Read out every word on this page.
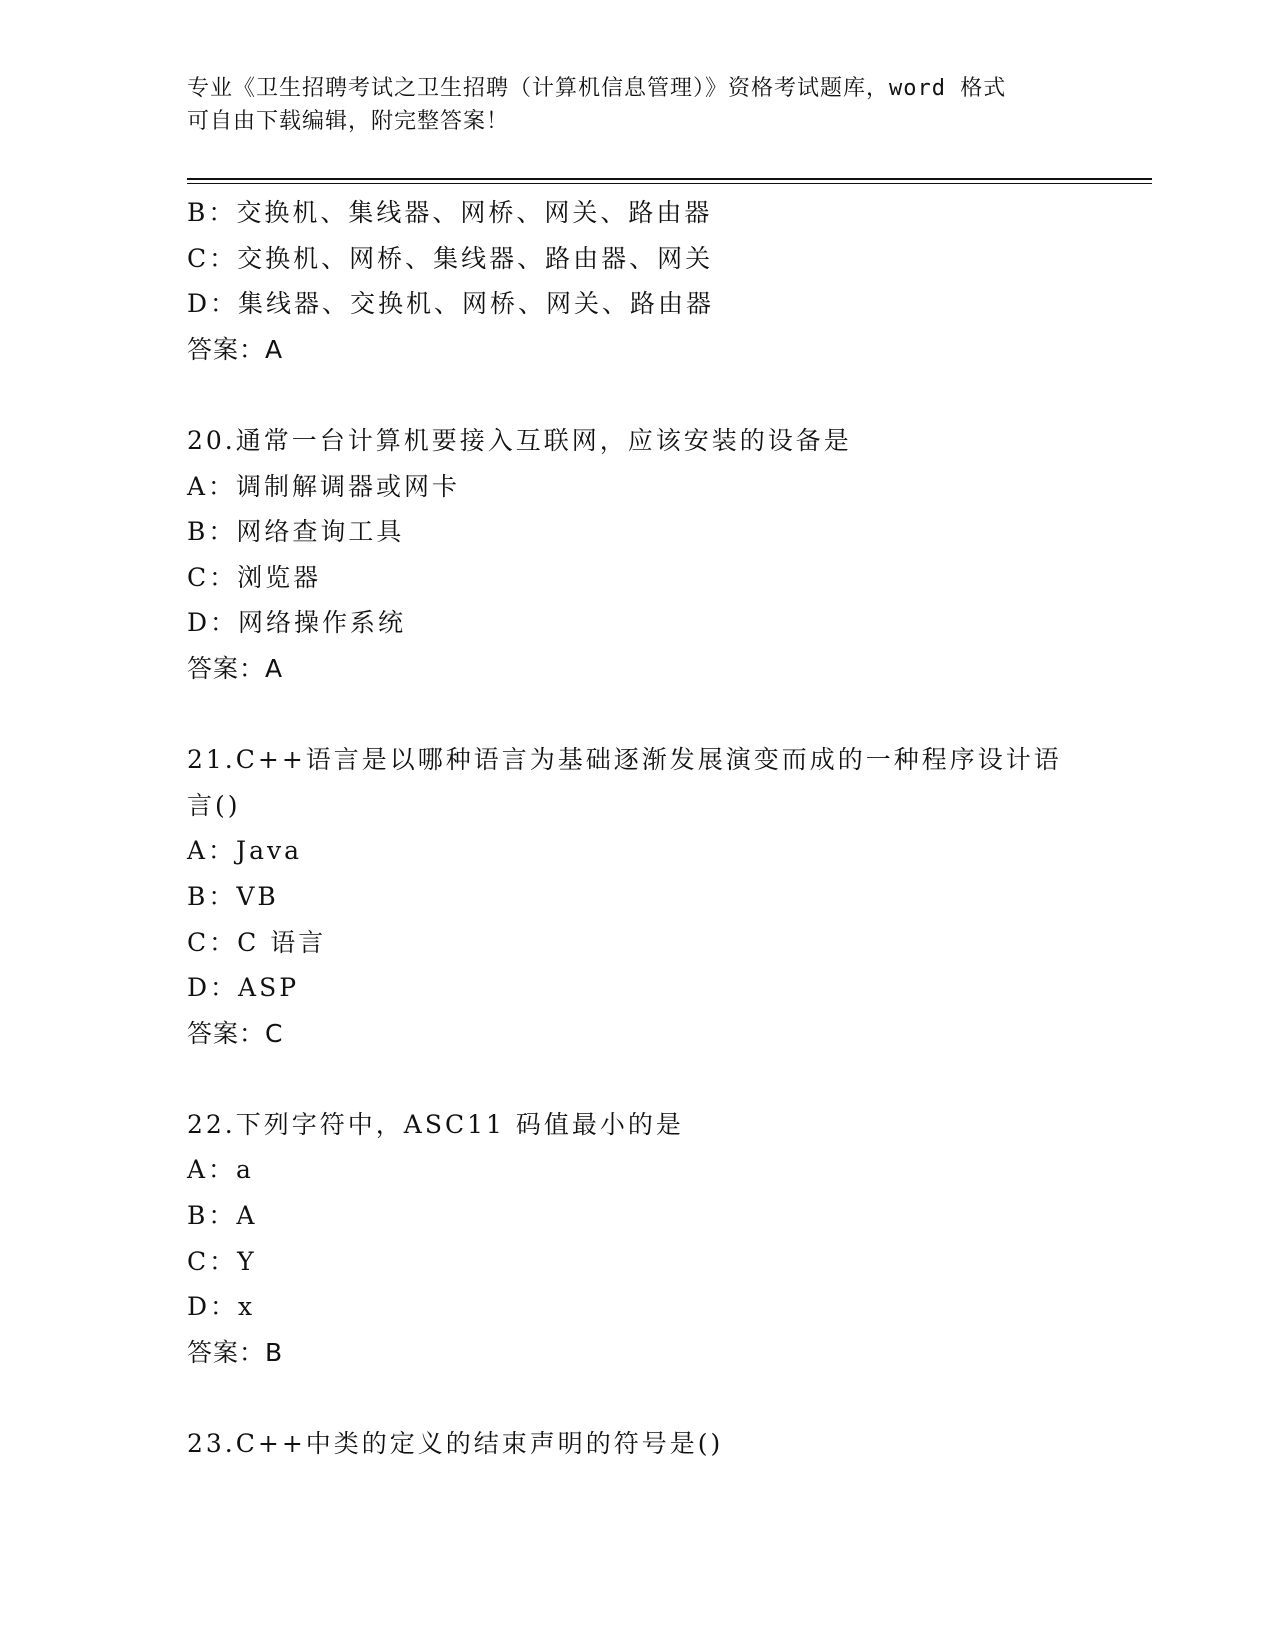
专业《卫生招聘考试之卫生招聘（计算机信息管理）》资格考试题库，word 格式
可自由下载编辑，附完整答案！
B：交换机、集线器、网桥、网关、路由器
C：交换机、网桥、集线器、路由器、网关
D：集线器、交换机、网桥、网关、路由器
答案：A
20.通常一台计算机要接入互联网，应该安装的设备是
A：调制解调器或网卡
B：网络查询工具
C：浏览器
D：网络操作系统
答案：A
21.C++语言是以哪种语言为基础逐渐发展演变而成的一种程序设计语
言()
A：Java
B：VB
C：C 语言
D：ASP
答案：C
22.下列字符中，ASC11 码值最小的是
A：a
B：A
C：Y
D：x
答案：B
23.C++中类的定义的结束声明的符号是()
